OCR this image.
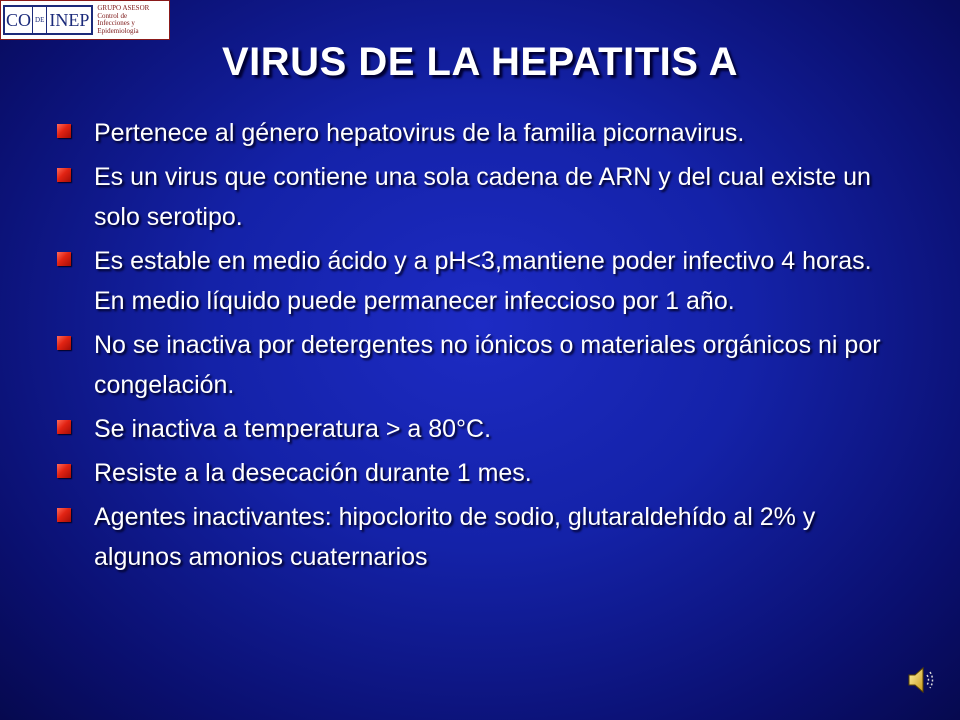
CO DE INEP
GRUPO ASESOR
Control de
Infecciones y
Epidemiología
VIRUS DE LA HEPATITIS A
Pertenece al género hepatovirus de la familia picornavirus.
Es un virus que contiene una sola cadena de ARN y del cual existe un solo serotipo.
Es estable en medio ácido y a pH<3,mantiene poder infectivo 4 horas. En medio líquido puede permanecer infeccioso por 1 año.
No se inactiva por detergentes no iónicos o materiales orgánicos ni por congelación.
Se inactiva a temperatura > a 80°C.
Resiste a la desecación durante 1 mes.
Agentes inactivantes: hipoclorito de sodio, glutaraldehído al 2% y algunos amonios cuaternarios
